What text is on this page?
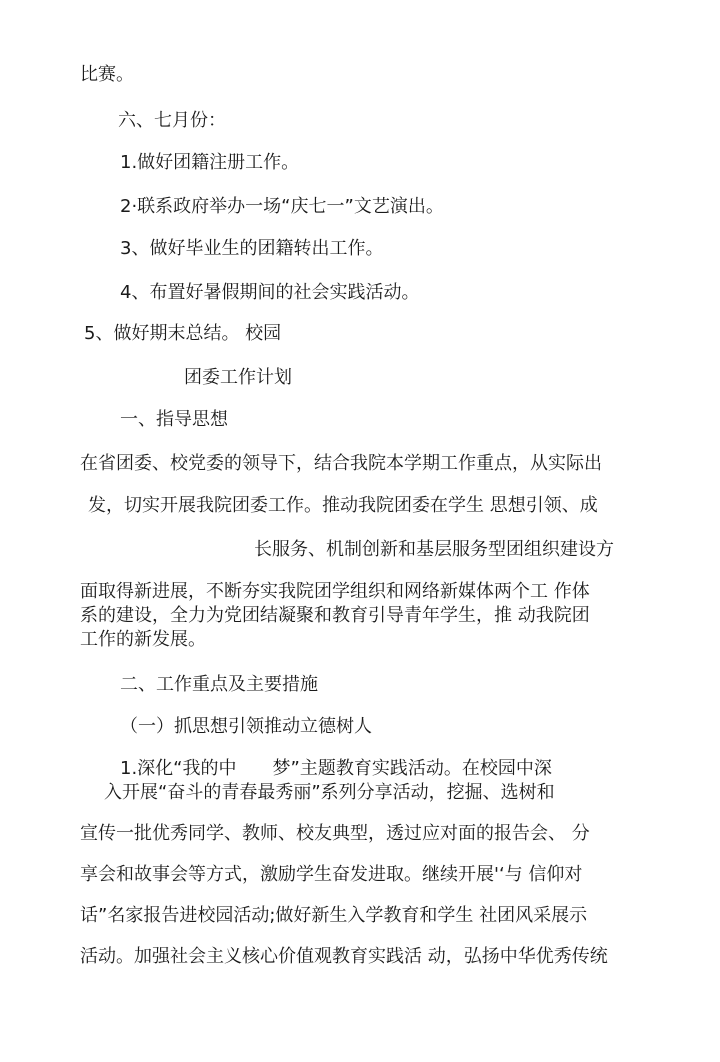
比赛。
六、七月份：
1.做好团籍注册工作。
2·联系政府举办一场“庆七一”文艺演出。
3、做好毕业生的团籍转出工作。
4、布置好暑假期间的社会实践活动。
5、做好期末总结。 校园
团委工作计划
一、指导思想
在省团委、校党委的领导下，结合我院本学期工作重点，从实际出
发，切实开展我院团委工作。推动我院团委在学生 思想引领、成
长服务、机制创新和基层服务型团组织建设方
面取得新进展，不断夯实我院团学组织和网络新媒体两个工 作体
系的建设，全力为党团结凝聚和教育引导青年学生，推 动我院团
工作的新发展。
二、工作重点及主要措施
（一）抓思想引领推动立德树人
1.深化“我的中　　梦”主题教育实践活动。在校园中深
入开展“奋斗的青春最秀丽”系列分享活动，挖掘、选树和
宣传一批优秀同学、教师、校友典型，透过应对面的报告会、 分
享会和故事会等方式，激励学生奋发进取。继续开展'‘与 信仰对
话”名家报告进校园活动;做好新生入学教育和学生 社团风采展示
活动。加强社会主义核心价值观教育实践活 动，弘扬中华优秀传统
